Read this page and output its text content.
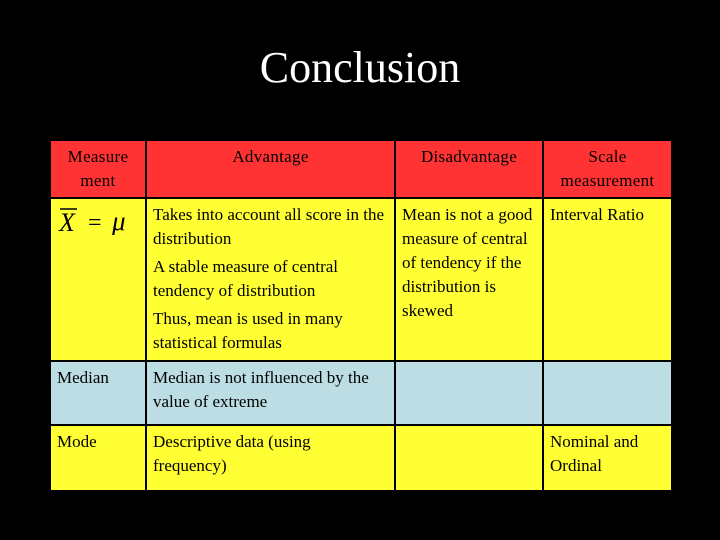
Conclusion
Measure ment	Advantage	Disadvantage	Scale measurement

X = μ	Takes into account all score in the distribution
A stable measure of central tendency of distribution
Thus, mean is used in many statistical formulas	Mean is not a good measure of central of tendency if the distribution is skewed	Interval Ratio
Median	Median is not influenced by the value of extreme		
Mode	Descriptive data (using frequency)		Nominal and Ordinal
